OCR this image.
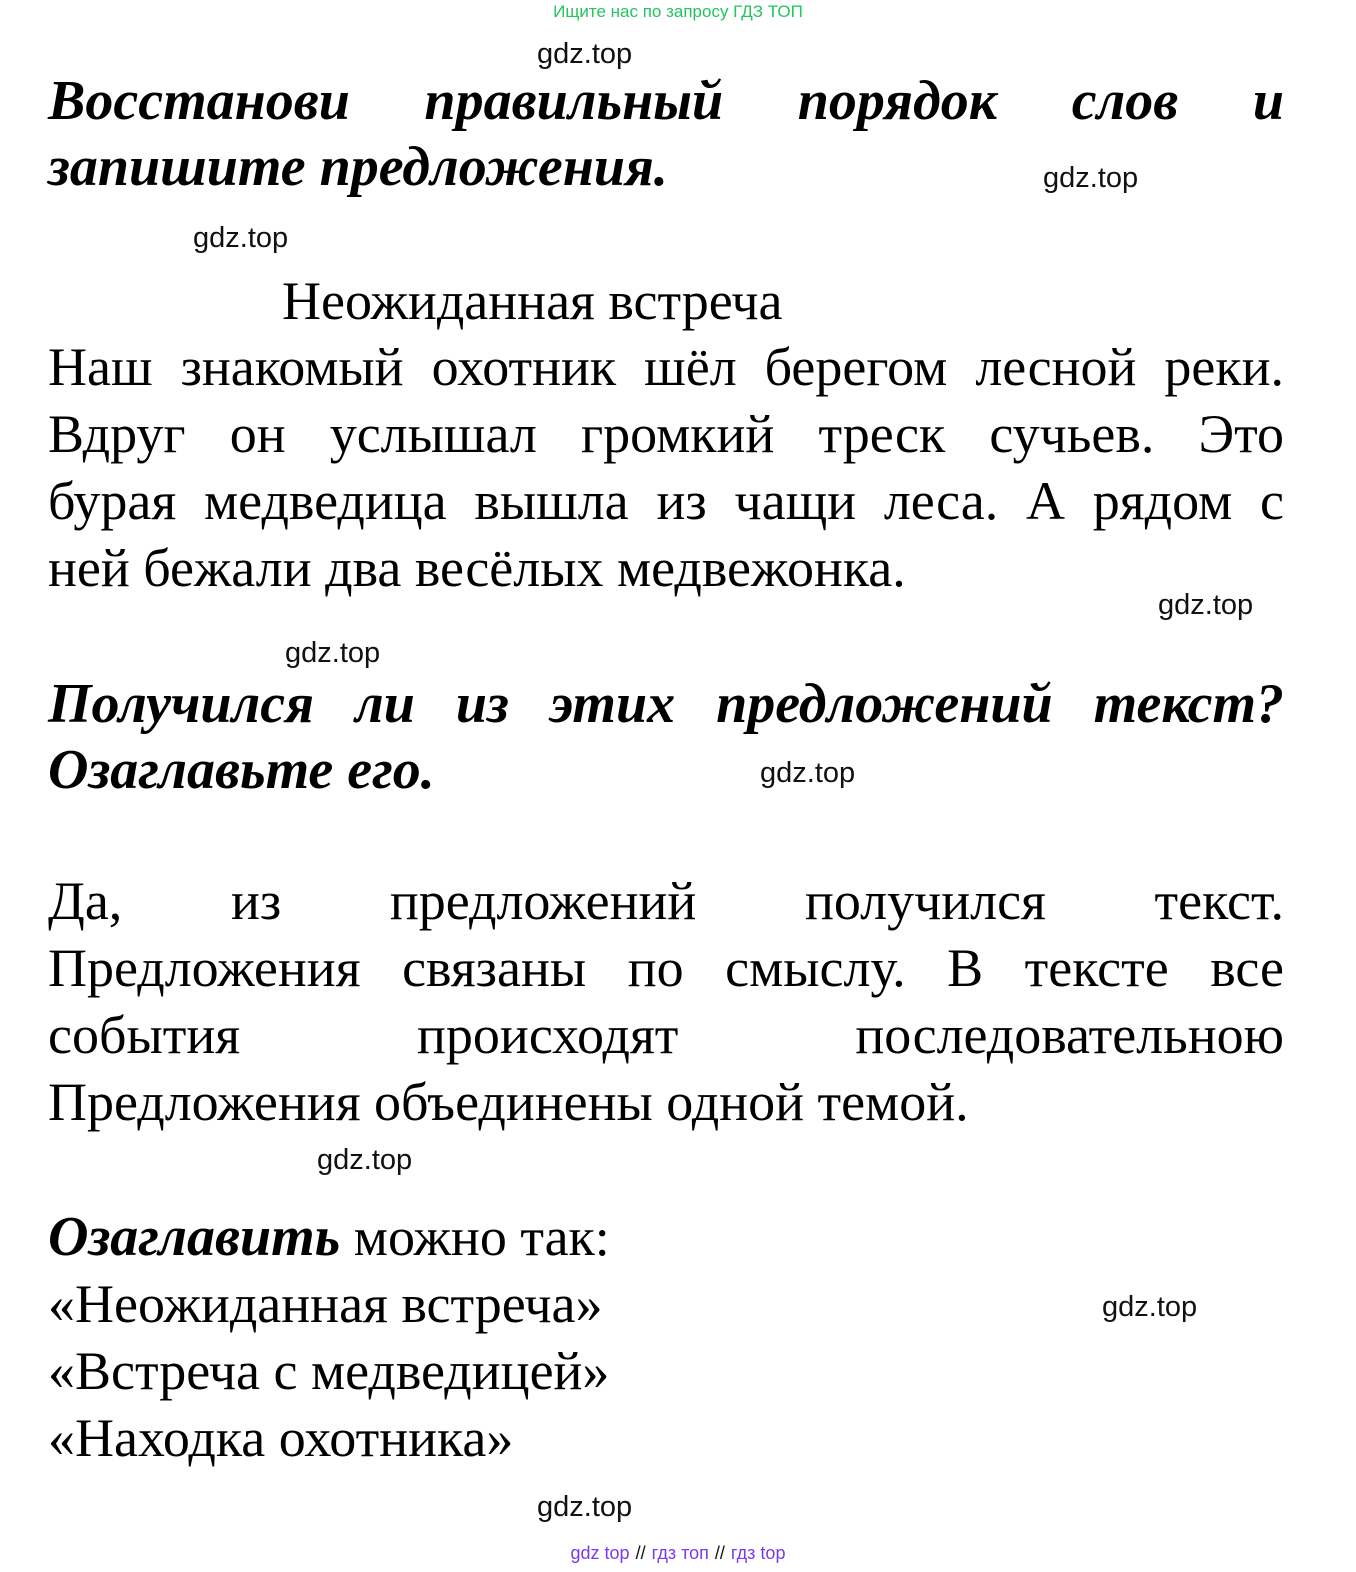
Ищите нас по запросу ГДЗ ТОП
gdz.top
gdz.top
gdz.top
gdz.top
gdz.top
gdz.top
gdz.top
gdz.top
gdz.top
Восстанови правильный порядок слов и
запишите предложения.
Неожиданная встреча
Наш знакомый охотник шёл берегом лесной реки.
Вдруг он услышал громкий треск сучьев. Это
бурая медведица вышла из чащи леса. А рядом с
ней бежали два весёлых медвежонка.
Получился ли из этих предложений текст?
Озаглавьте его.
Да, из предложений получился текст.
Предложения связаны по смыслу. В тексте все
события происходят последовательною
Предложения объединены одной темой.
Озаглавить можно так:
«Неожиданная встреча»
«Встреча с медведицей»
«Находка охотника»
gdz top // гдз топ // гдз top
